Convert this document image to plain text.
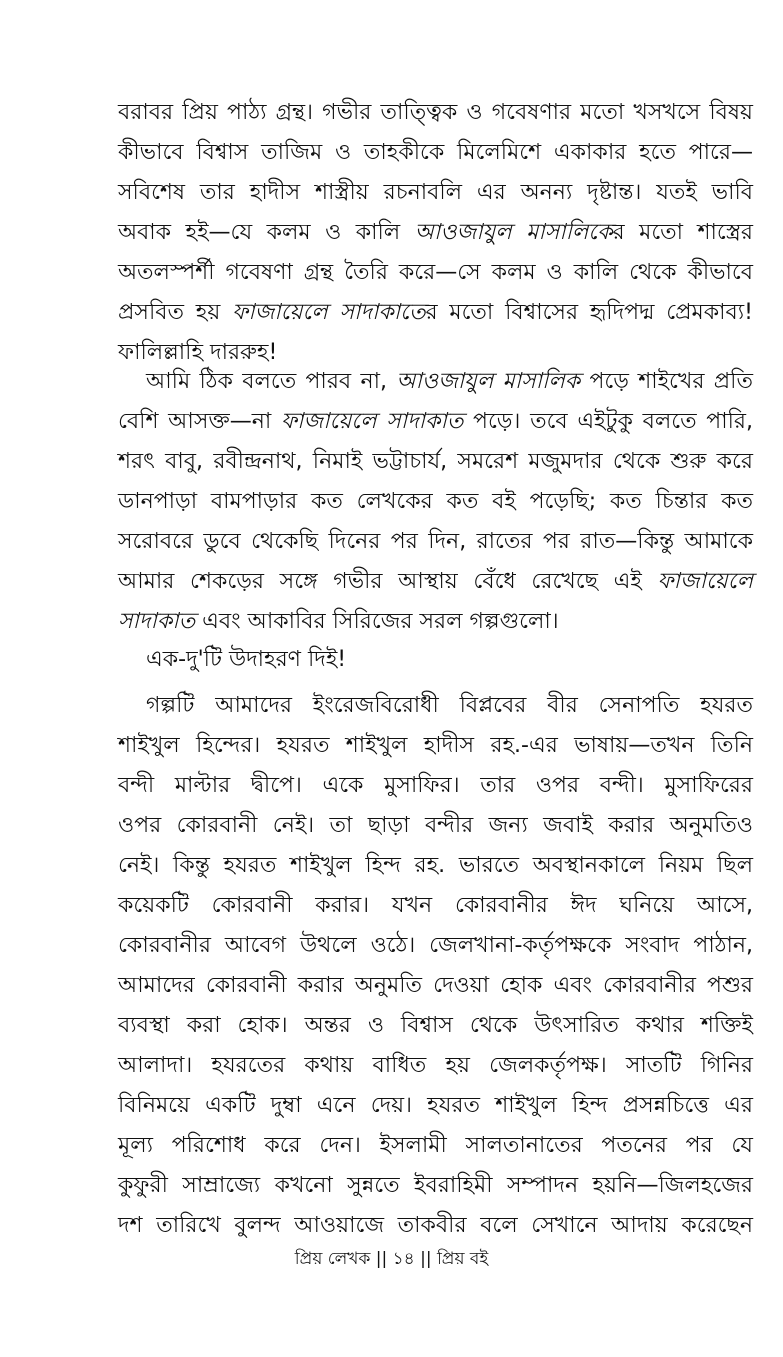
বরাবর প্রিয় পাঠ্য গ্রন্থ। গভীর তাত্ত্বিক ও গবেষণার মতো খসখসে বিষয়
কীভাবে বিশ্বাস তাজিম ও তাহকীকে মিলেমিশে একাকার হতে পারে—
সবিশেষ তার হাদীস শাস্ত্রীয় রচনাবলি এর অনন্য দৃষ্টান্ত। যতই ভাবি
অবাক হই—যে কলম ও কালি আওজাযুল মাসালিকের মতো শাস্ত্রের
অতলস্পর্শী গবেষণা গ্রন্থ তৈরি করে—সে কলম ও কালি থেকে কীভাবে
প্রসবিত হয় ফাজায়েলে সাদাকাতের মতো বিশ্বাসের হৃদিপদ্ম প্রেমকাব্য!
ফালিল্লাহি দাররুহ!
আমি ঠিক বলতে পারব না, আওজাযুল মাসালিক পড়ে শাইখের প্রতি
বেশি আসক্ত—না ফাজায়েলে সাদাকাত পড়ে। তবে এইটুকু বলতে পারি,
শরৎ বাবু, রবীন্দ্রনাথ, নিমাই ভট্টাচার্য, সমরেশ মজুমদার থেকে শুরু করে
ডানপাড়া বামপাড়ার কত লেখকের কত বই পড়েছি; কত চিন্তার কত
সরোবরে ডুবে থেকেছি দিনের পর দিন, রাতের পর রাত—কিন্তু আমাকে
আমার শেকড়ের সঙ্গে গভীর আস্থায় বেঁধে রেখেছে এই ফাজায়েলে
সাদাকাত এবং আকাবির সিরিজের সরল গল্পগুলো।
এক-দু'টি উদাহরণ দিই!
গল্পটি আমাদের ইংরেজবিরোধী বিপ্লবের বীর সেনাপতি হযরত
শাইখুল হিন্দের। হযরত শাইখুল হাদীস রহ.-এর ভাষায়—তখন তিনি
বন্দী মাল্টার দ্বীপে। একে মুসাফির। তার ওপর বন্দী। মুসাফিরের
ওপর কোরবানী নেই। তা ছাড়া বন্দীর জন্য জবাই করার অনুমতিও
নেই। কিন্তু হযরত শাইখুল হিন্দ রহ. ভারতে অবস্থানকালে নিয়ম ছিল
কয়েকটি কোরবানী করার। যখন কোরবানীর ঈদ ঘনিয়ে আসে,
কোরবানীর আবেগ উথলে ওঠে। জেলখানা-কর্তৃপক্ষকে সংবাদ পাঠান,
আমাদের কোরবানী করার অনুমতি দেওয়া হোক এবং কোরবানীর পশুর
ব্যবস্থা করা হোক। অন্তর ও বিশ্বাস থেকে উৎসারিত কথার শক্তিই
আলাদা। হযরতের কথায় বাধিত হয় জেলকর্তৃপক্ষ। সাতটি গিনির
বিনিময়ে একটি দুম্বা এনে দেয়। হযরত শাইখুল হিন্দ প্রসন্নচিত্তে এর
মূল্য পরিশোধ করে দেন। ইসলামী সালতানাতের পতনের পর যে
কুফুরী সাম্রাজ্যে কখনো সুন্নতে ইবরাহিমী সম্পাদন হয়নি—জিলহজের
দশ তারিখে বুলন্দ আওয়াজে তাকবীর বলে সেখানে আদায় করেছেন
প্রিয় লেখক || ১৪ || প্রিয় বই
